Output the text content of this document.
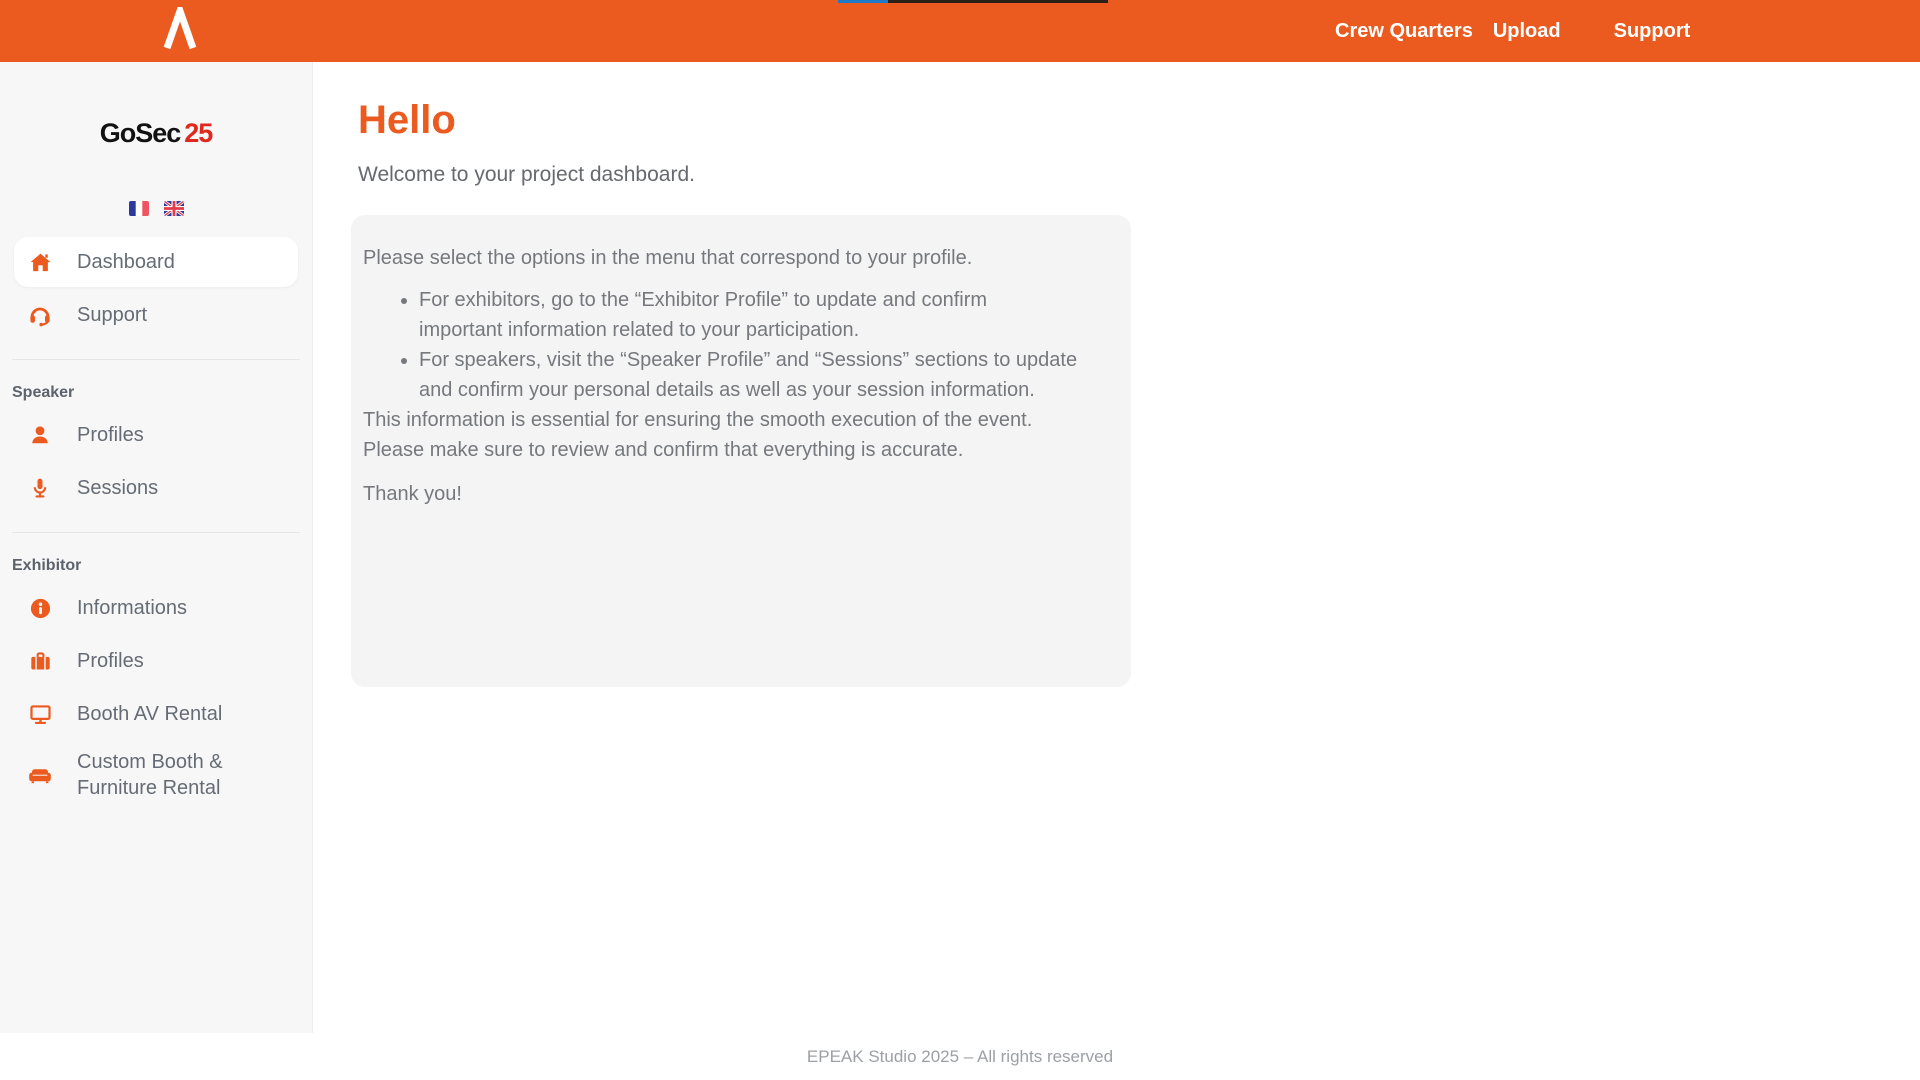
Crew Quarters Upload	Support
GoSec 25
Dashboard
Support
Speaker
Profiles
Sessions
Exhibitor
Informations
Profiles
Booth AV Rental
Custom Booth & Furniture Rental
Hello

Welcome to your project dashboard.

Please select the options in the menu that correspond to your profile.

• For exhibitors, go to the “Exhibitor Profile” to update and confirm
important information related to your participation.
• For speakers, visit the “Speaker Profile” and “Sessions” sections to update
and confirm your personal details as well as your session information.

This information is essential for ensuring the smooth execution of the event.
Please make sure to review and confirm that everything is accurate.

Thank you!

EPEAK Studio 2025 – All rights reserved
